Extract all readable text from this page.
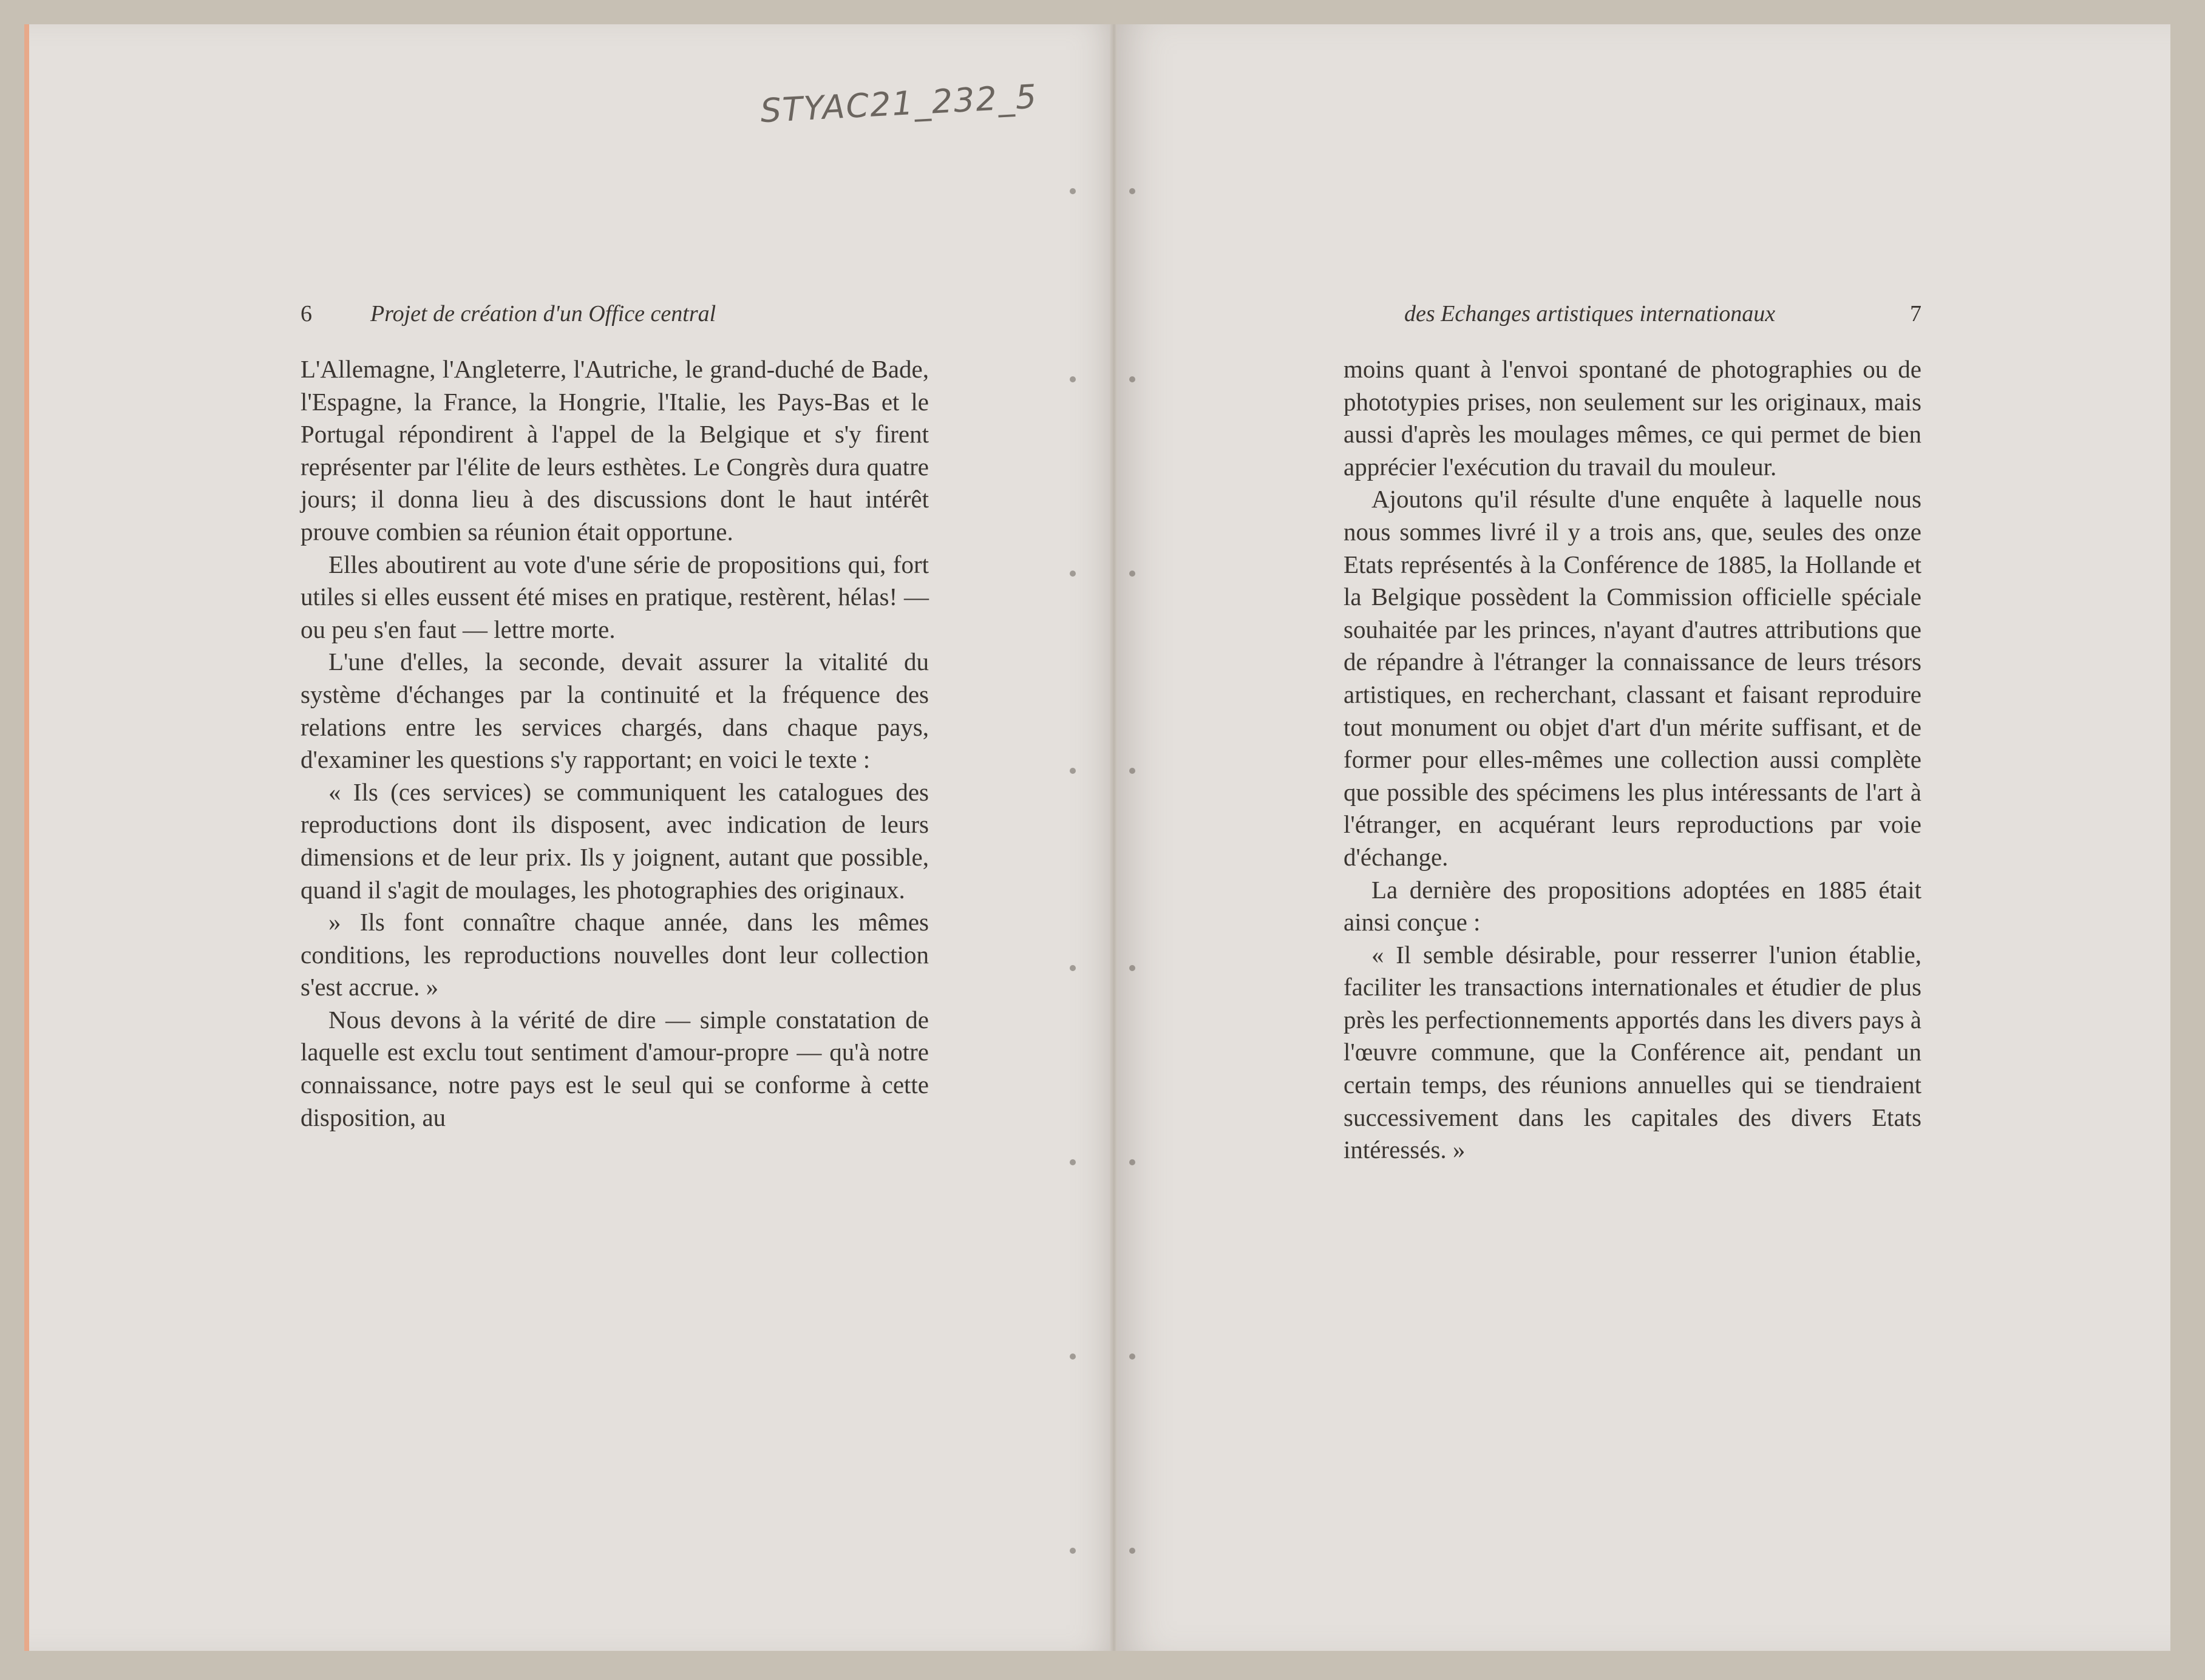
STYAC21_232_5
6	Projet de création d'un Office central

L'Allemagne, l'Angleterre, l'Autriche, le grand-duché de Bade, l'Espagne, la France, la Hongrie, l'Italie, les Pays-Bas et le Portugal répondirent à l'appel de la Belgique et s'y firent représenter par l'élite de leurs esthètes. Le Congrès dura quatre jours; il donna lieu à des discussions dont le haut intérêt prouve combien sa réunion était opportune.

Elles aboutirent au vote d'une série de propositions qui, fort utiles si elles eussent été mises en pratique, restèrent, hélas! — ou peu s'en faut — lettre morte.

L'une d'elles, la seconde, devait assurer la vitalité du système d'échanges par la continuité et la fréquence des relations entre les services chargés, dans chaque pays, d'examiner les questions s'y rapportant; en voici le texte :

« Ils (ces services) se communiquent les catalogues des reproductions dont ils disposent, avec indication de leurs dimensions et de leur prix. Ils y joignent, autant que possible, quand il s'agit de moulages, les photographies des originaux.

» Ils font connaître chaque année, dans les mêmes conditions, les reproductions nouvelles dont leur collection s'est accrue. »

Nous devons à la vérité de dire — simple constatation de laquelle est exclu tout sentiment d'amour-propre — qu'à notre connaissance, notre pays est le seul qui se conforme à cette disposition, au

des Echanges artistiques internationaux	7

moins quant à l'envoi spontané de photographies ou de phototypies prises, non seulement sur les originaux, mais aussi d'après les moulages mêmes, ce qui permet de bien apprécier l'exécution du travail du mouleur.

Ajoutons qu'il résulte d'une enquête à laquelle nous nous sommes livré il y a trois ans, que, seules des onze Etats représentés à la Conférence de 1885, la Hollande et la Belgique possèdent la Commission officielle spéciale souhaitée par les princes, n'ayant d'autres attributions que de répandre à l'étranger la connaissance de leurs trésors artistiques, en recherchant, classant et faisant reproduire tout monument ou objet d'art d'un mérite suffisant, et de former pour elles-mêmes une collection aussi complète que possible des spécimens les plus intéressants de l'art à l'étranger, en acquérant leurs reproductions par voie d'échange.

La dernière des propositions adoptées en 1885 était ainsi conçue :

« Il semble désirable, pour resserrer l'union établie, faciliter les transactions internationales et étudier de plus près les perfectionnements apportés dans les divers pays à l'œuvre commune, que la Conférence ait, pendant un certain temps, des réunions annuelles qui se tiendraient successivement dans les capitales des divers Etats intéressés. »
